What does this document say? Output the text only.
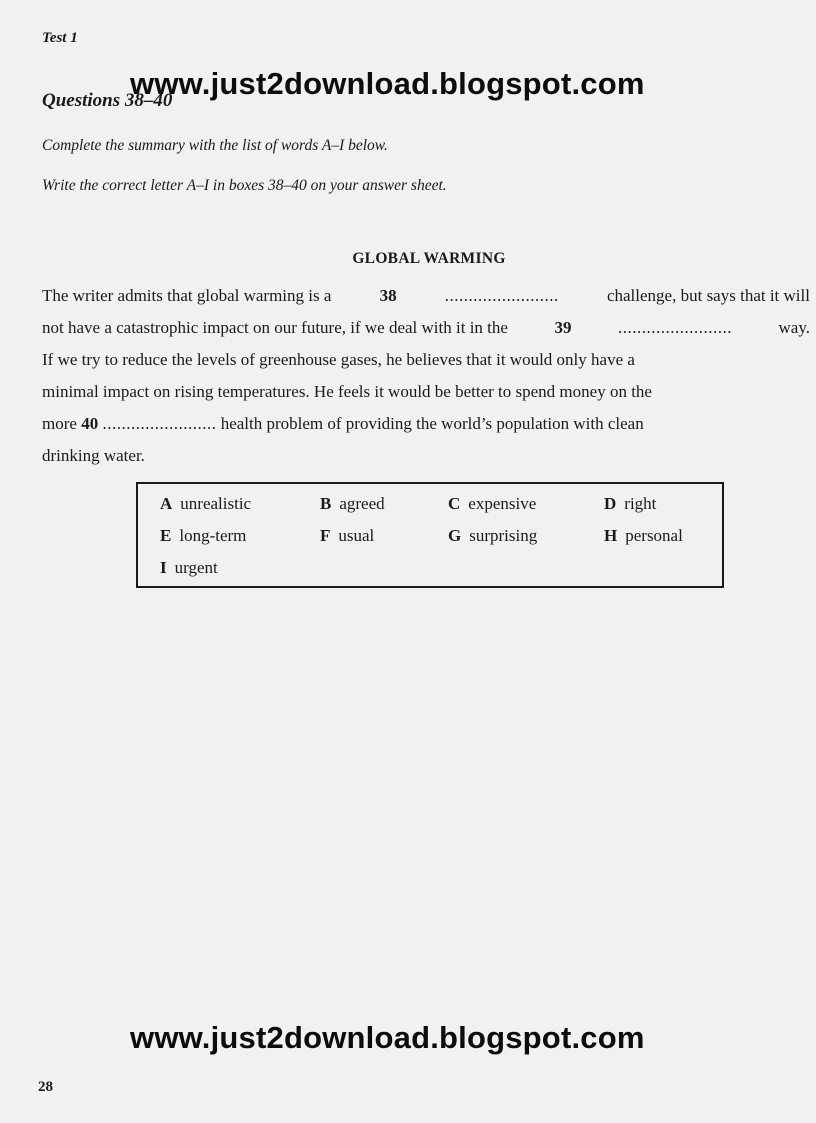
Test 1
Questions 38–40
www.just2download.blogspot.com
Complete the summary with the list of words A–I below.
Write the correct letter A–I in boxes 38–40 on your answer sheet.
GLOBAL WARMING
The writer admits that global warming is a	38	........................	challenge, but says that it will
not have a catastrophic impact on our future, if we deal with it in the	39	........................	way.
If we try to reduce the levels of greenhouse gases, he believes that it would only have a
minimal impact on rising temperatures. He feels it would be better to spend money on the
more 40 ........................ health problem of providing the world’s population with clean
drinking water.
A unrealistic	B agreed	C expensive	D right
E long-term	F usual	G surprising	H personal
I urgent
www.just2download.blogspot.com
28
